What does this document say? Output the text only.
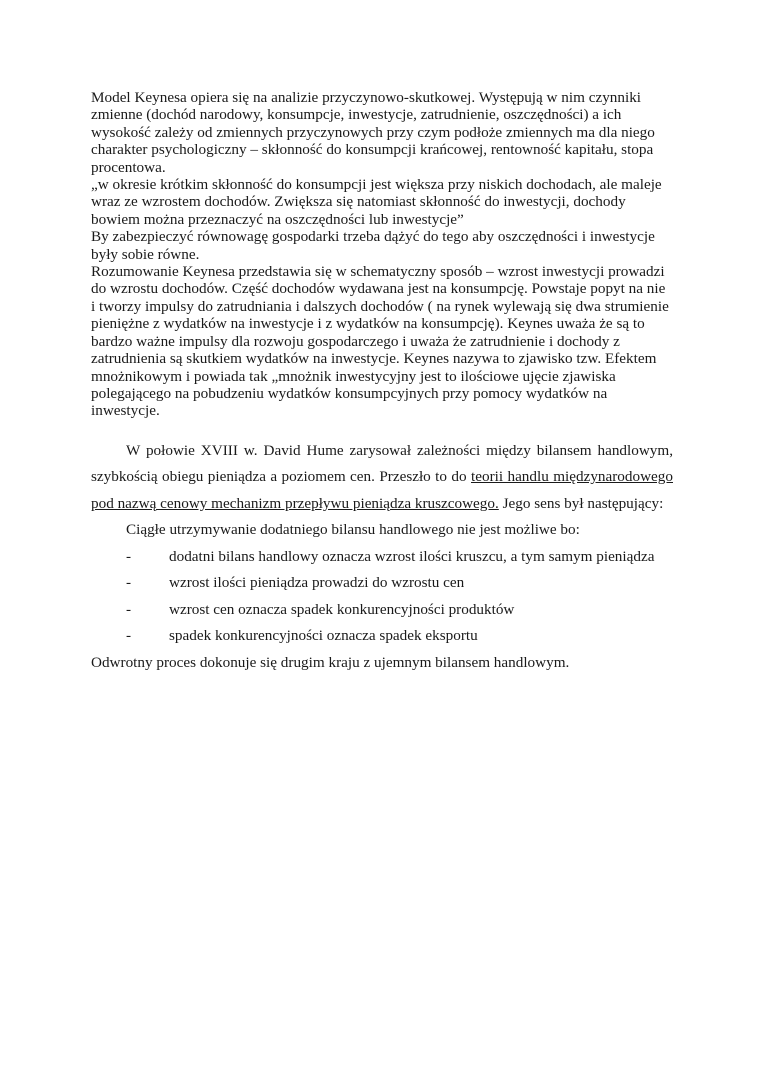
Model Keynesa opiera się na analizie przyczynowo-skutkowej. Występują w nim czynniki zmienne (dochód narodowy, konsumpcje, inwestycje, zatrudnienie, oszczędności) a ich wysokość zależy od zmiennych przyczynowych przy czym podłoże zmiennych ma dla niego charakter psychologiczny – skłonność do konsumpcji krańcowej, rentowność kapitału, stopa procentowa.

„w okresie krótkim skłonność do konsumpcji jest większa przy niskich dochodach, ale maleje wraz ze wzrostem dochodów. Zwiększa się natomiast skłonność do inwestycji, dochody bowiem można przeznaczyć na oszczędności lub inwestycje”

By zabezpieczyć równowagę gospodarki trzeba dążyć do tego aby oszczędności i inwestycje były sobie równe.

Rozumowanie Keynesa przedstawia się w schematyczny sposób – wzrost inwestycji prowadzi do wzrostu dochodów. Część dochodów wydawana jest na konsumpcję. Powstaje popyt na nie i tworzy impulsy do zatrudniania i dalszych dochodów ( na rynek wylewają się dwa strumienie pieniężne z wydatków na inwestycje i z wydatków na konsumpcję). Keynes uważa że są to bardzo ważne impulsy dla rozwoju gospodarczego i uważa że zatrudnienie i dochody z zatrudnienia są skutkiem wydatków na inwestycje. Keynes nazywa to zjawisko tzw. Efektem mnożnikowym i powiada tak „mnożnik inwestycyjny jest to ilościowe ujęcie zjawiska polegającego na pobudzeniu wydatków konsumpcyjnych przy pomocy wydatków na inwestycje.

W połowie XVIII w. David Hume zarysował zależności między bilansem handlowym, szybkością obiegu pieniądza a poziomem cen. Przeszło to do teorii handlu międzynarodowego pod nazwą cenowy mechanizm przepływu pieniądza kruszcowego. Jego sens był następujący:

Ciągłe utrzymywanie dodatniego bilansu handlowego nie jest możliwe bo:

- dodatni bilans handlowy oznacza wzrost ilości kruszcu, a tym samym pieniądza
- wzrost ilości pieniądza prowadzi do wzrostu cen
- wzrost cen oznacza spadek konkurencyjności produktów
- spadek konkurencyjności oznacza spadek eksportu

Odwrotny proces dokonuje się drugim kraju z ujemnym bilansem handlowym.
